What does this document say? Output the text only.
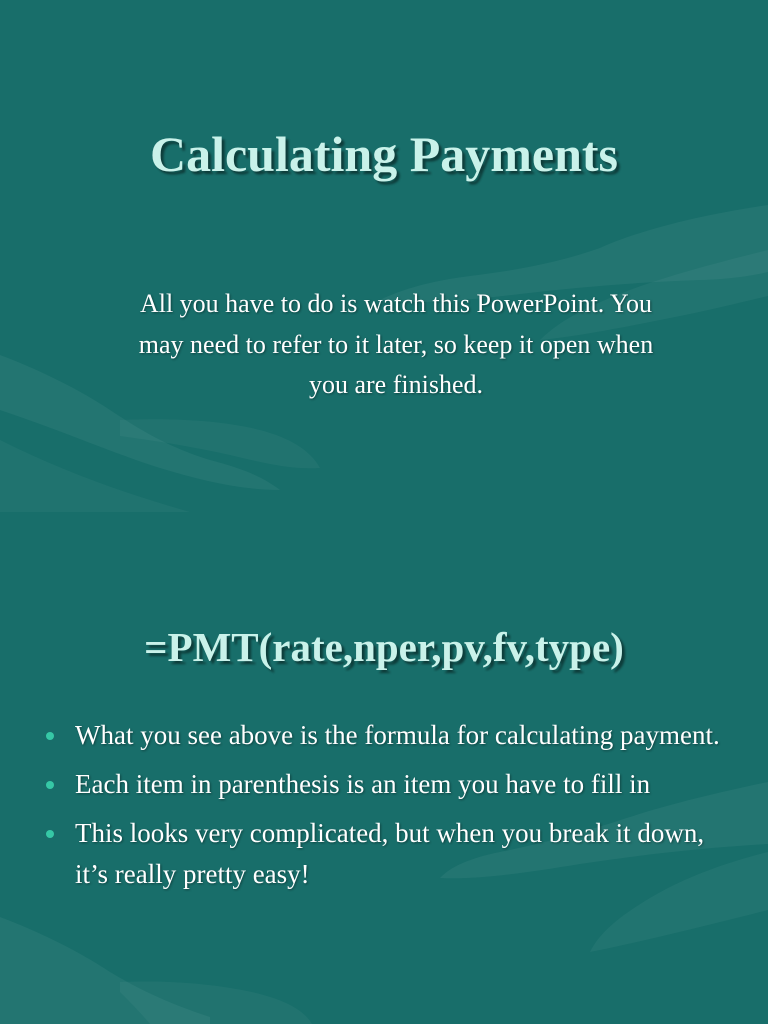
Calculating Payments

All you have to do is watch this PowerPoint. You may need to refer to it later, so keep it open when you are finished.

=PMT(rate,nper,pv,fv,type)
What you see above is the formula for calculating payment.
Each item in parenthesis is an item you have to fill in
This looks very complicated, but when you break it down, it’s really pretty easy!
